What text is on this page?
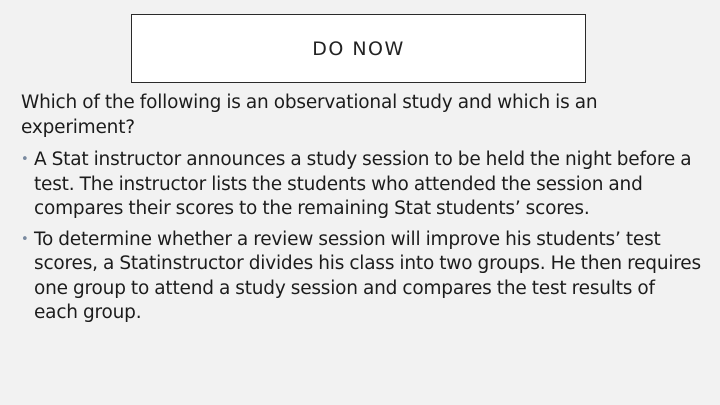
DO NOW

Which of the following is an observational study and which is an experiment?

• A Stat instructor announces a study session to be held the night before a test. The instructor lists the students who attended the session and compares their scores to the remaining Stat students’ scores.
• To determine whether a review session will improve his students’ test scores, a Statinstructor divides his class into two groups. He then requires one group to attend a study session and compares the test results of each group.
